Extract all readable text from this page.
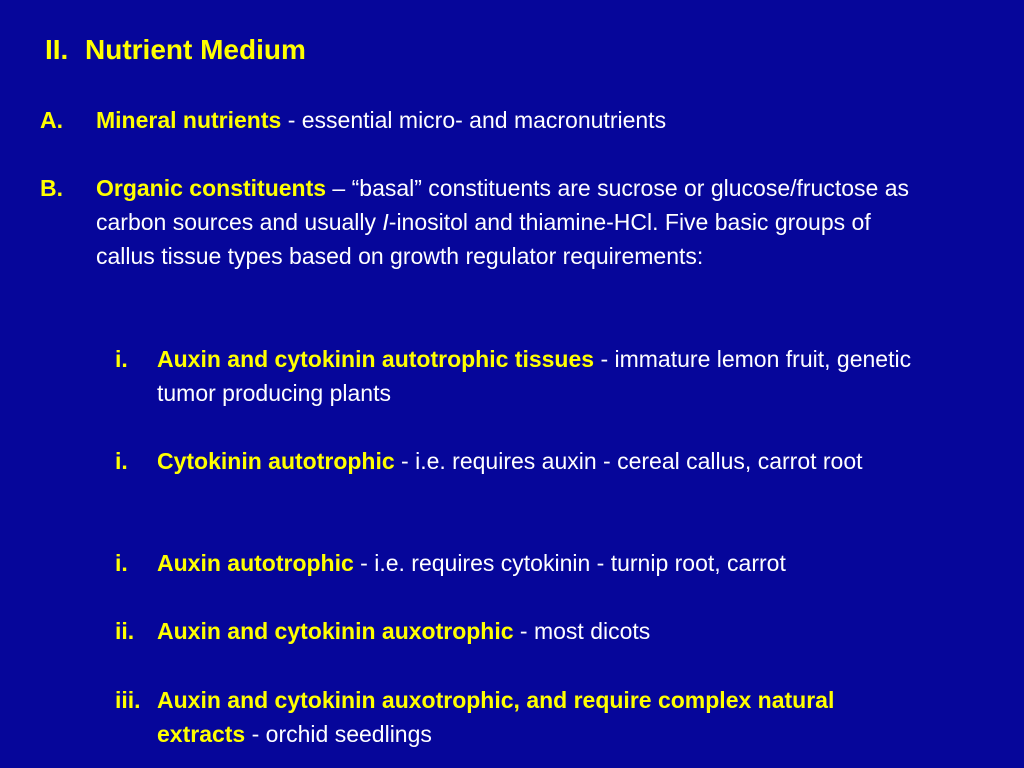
II. Nutrient Medium
A.	Mineral nutrients - essential micro- and macronutrients
B.	Organic constituents – “basal” constituents are sucrose or glucose/fructose as carbon sources and usually I-inositol and thiamine-HCl. Five basic groups of callus tissue types based on growth regulator requirements:
i.	Auxin and cytokinin autotrophic tissues - immature lemon fruit, genetic tumor producing plants
i.	Cytokinin autotrophic - i.e. requires auxin - cereal callus, carrot root
i.	Auxin autotrophic - i.e. requires cytokinin - turnip root, carrot
ii. Auxin and cytokinin auxotrophic - most dicots
iii. Auxin and cytokinin auxotrophic, and require complex natural extracts - orchid seedlings
